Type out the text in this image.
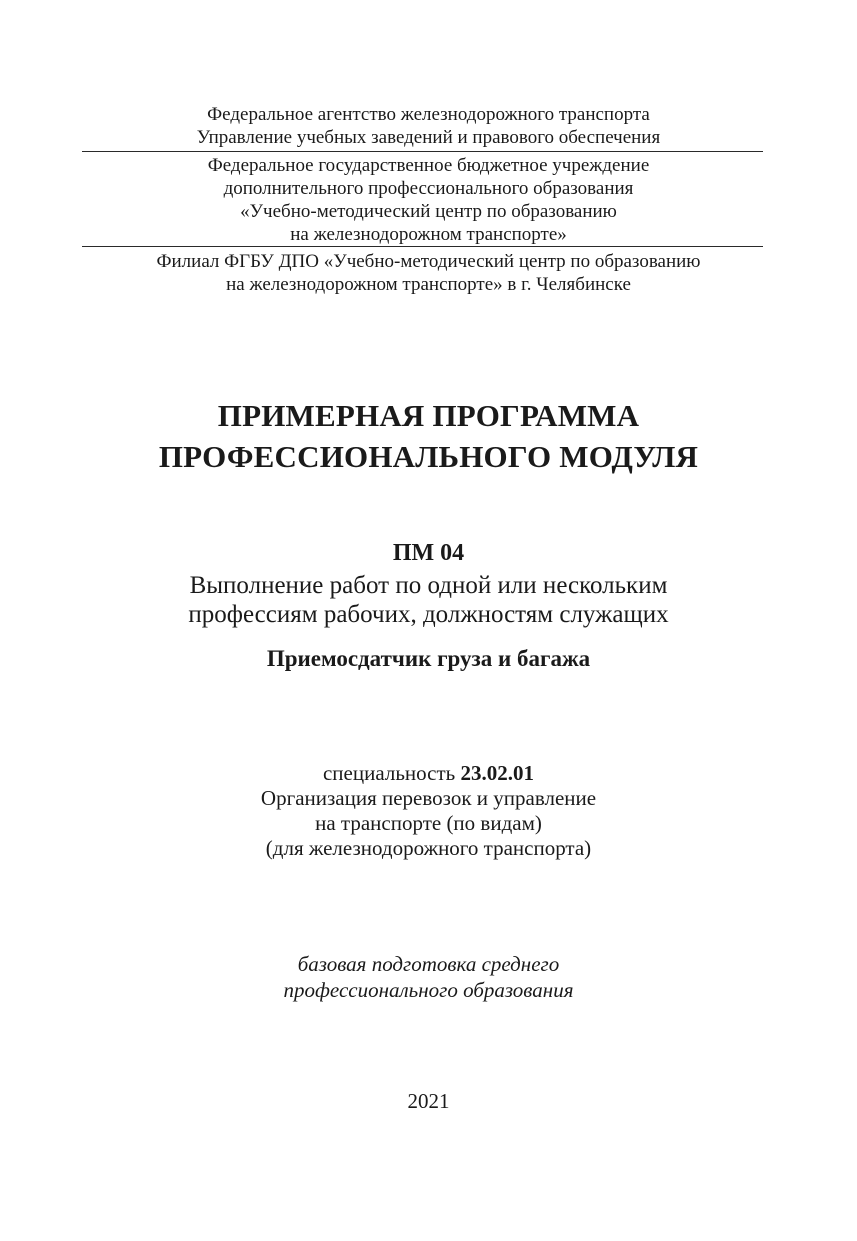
Федеральное агентство железнодорожного транспорта
Управление учебных заведений и правового обеспечения
Федеральное государственное бюджетное учреждение
дополнительного профессионального образования
«Учебно-методический центр по образованию
на железнодорожном транспорте»
Филиал ФГБУ ДПО «Учебно-методический центр по образованию
на железнодорожном транспорте» в г. Челябинске
ПРИМЕРНАЯ ПРОГРАММА
ПРОФЕССИОНАЛЬНОГО МОДУЛЯ
ПМ 04
Выполнение работ по одной или нескольким
профессиям рабочих, должностям служащих
Приемосдатчик груза и багажа
специальность 23.02.01
Организация перевозок и управление
на транспорте (по видам)
(для железнодорожного транспорта)
базовая подготовка среднего
профессионального образования
2021
